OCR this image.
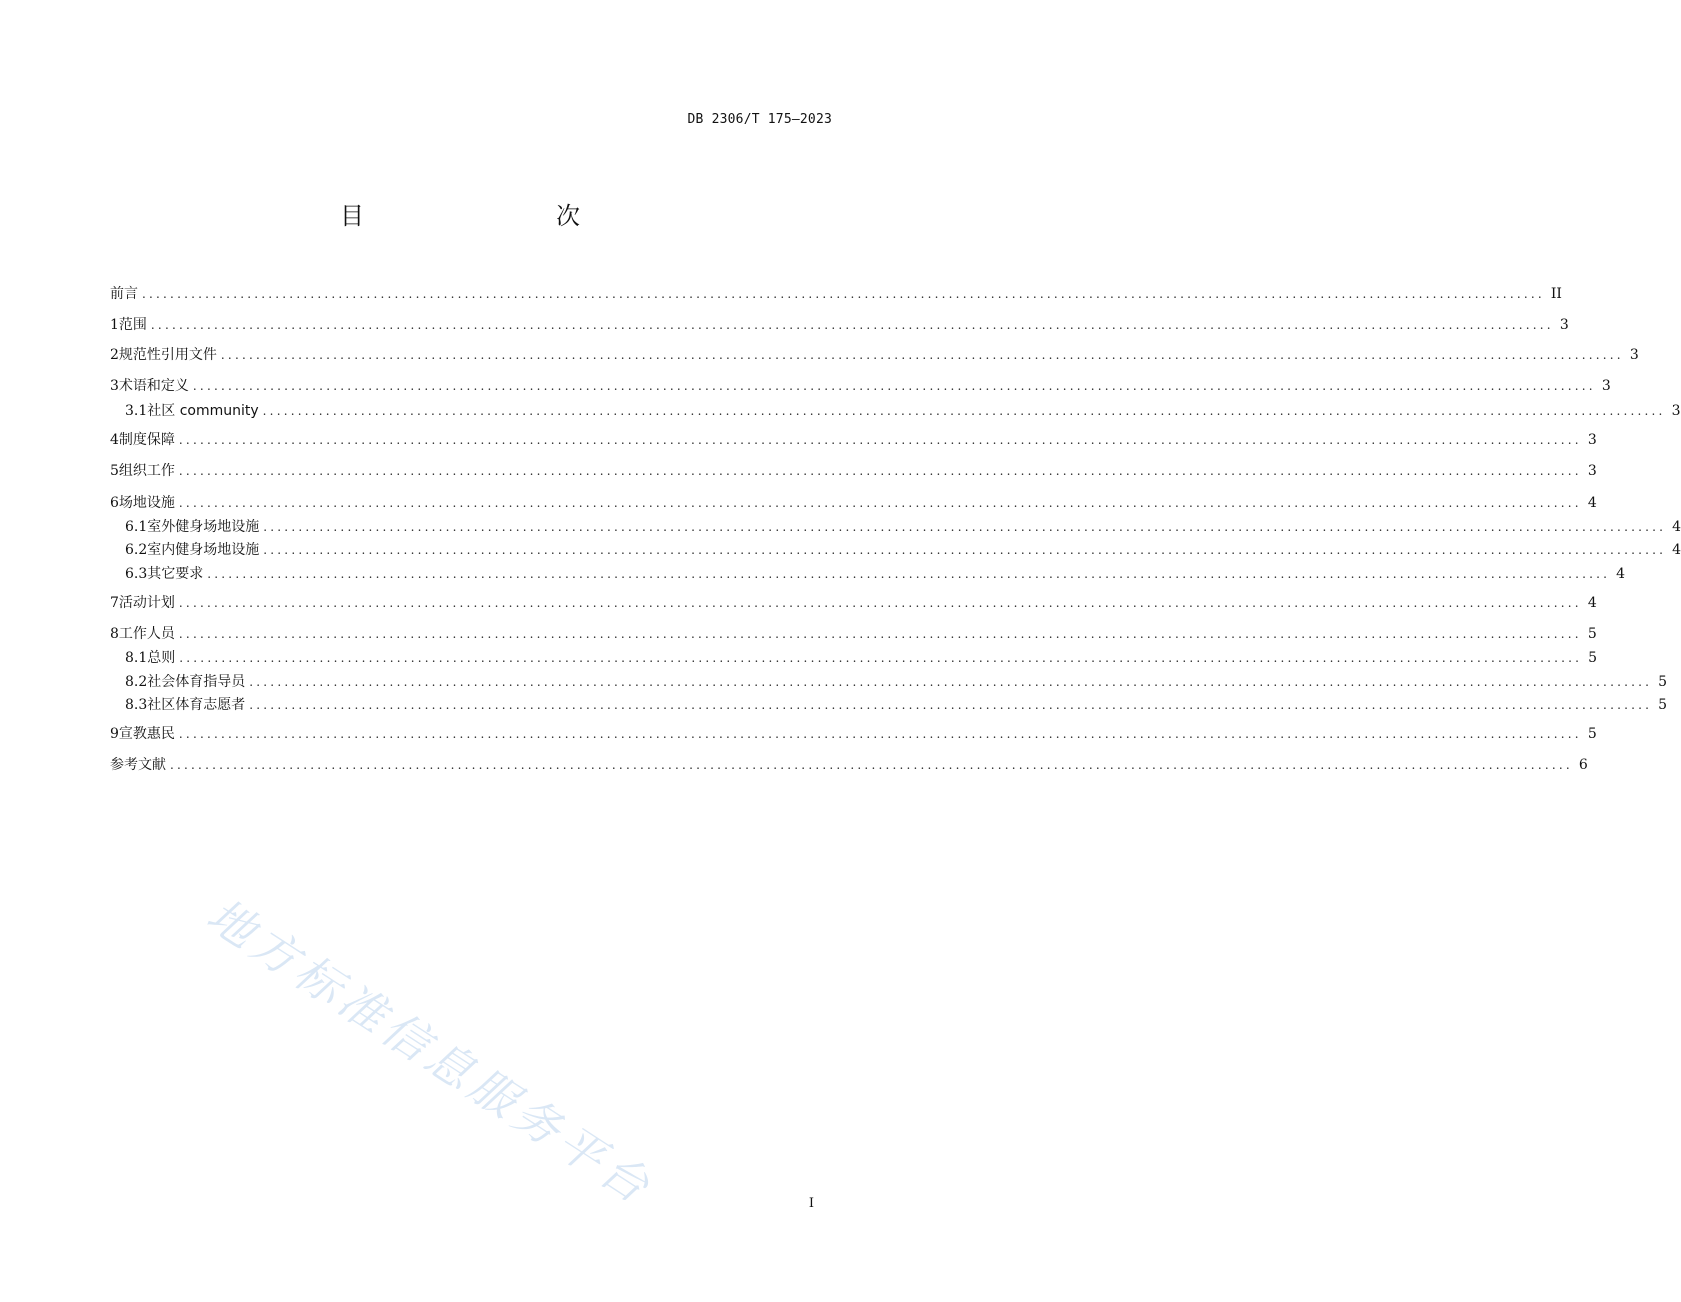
DB 2306/T 175—2023
目　　次
前言 ........................................................................................................................................................................................................ II
1 范围 ........................................................................................................................................................................................................ 3
2 规范性引用文件 ........................................................................................................................................................................................................ 3
3 术语和定义 ........................................................................................................................................................................................................ 3
3.1 社区 community ........................................................................................................................................................................................................ 3
4 制度保障 ........................................................................................................................................................................................................ 3
5 组织工作 ........................................................................................................................................................................................................ 3
6 场地设施 ........................................................................................................................................................................................................ 4
6.1 室外健身场地设施 ........................................................................................................................................................................................................ 4
6.2 室内健身场地设施 ........................................................................................................................................................................................................ 4
6.3 其它要求 ........................................................................................................................................................................................................ 4
7 活动计划 ........................................................................................................................................................................................................ 4
8 工作人员 ........................................................................................................................................................................................................ 5
8.1 总则 ........................................................................................................................................................................................................ 5
8.2 社会体育指导员 ........................................................................................................................................................................................................ 5
8.3 社区体育志愿者 ........................................................................................................................................................................................................ 5
9 宣教惠民 ........................................................................................................................................................................................................ 5
参考文献 ........................................................................................................................................................................................................ 6
地方标准信息服务平台	I
